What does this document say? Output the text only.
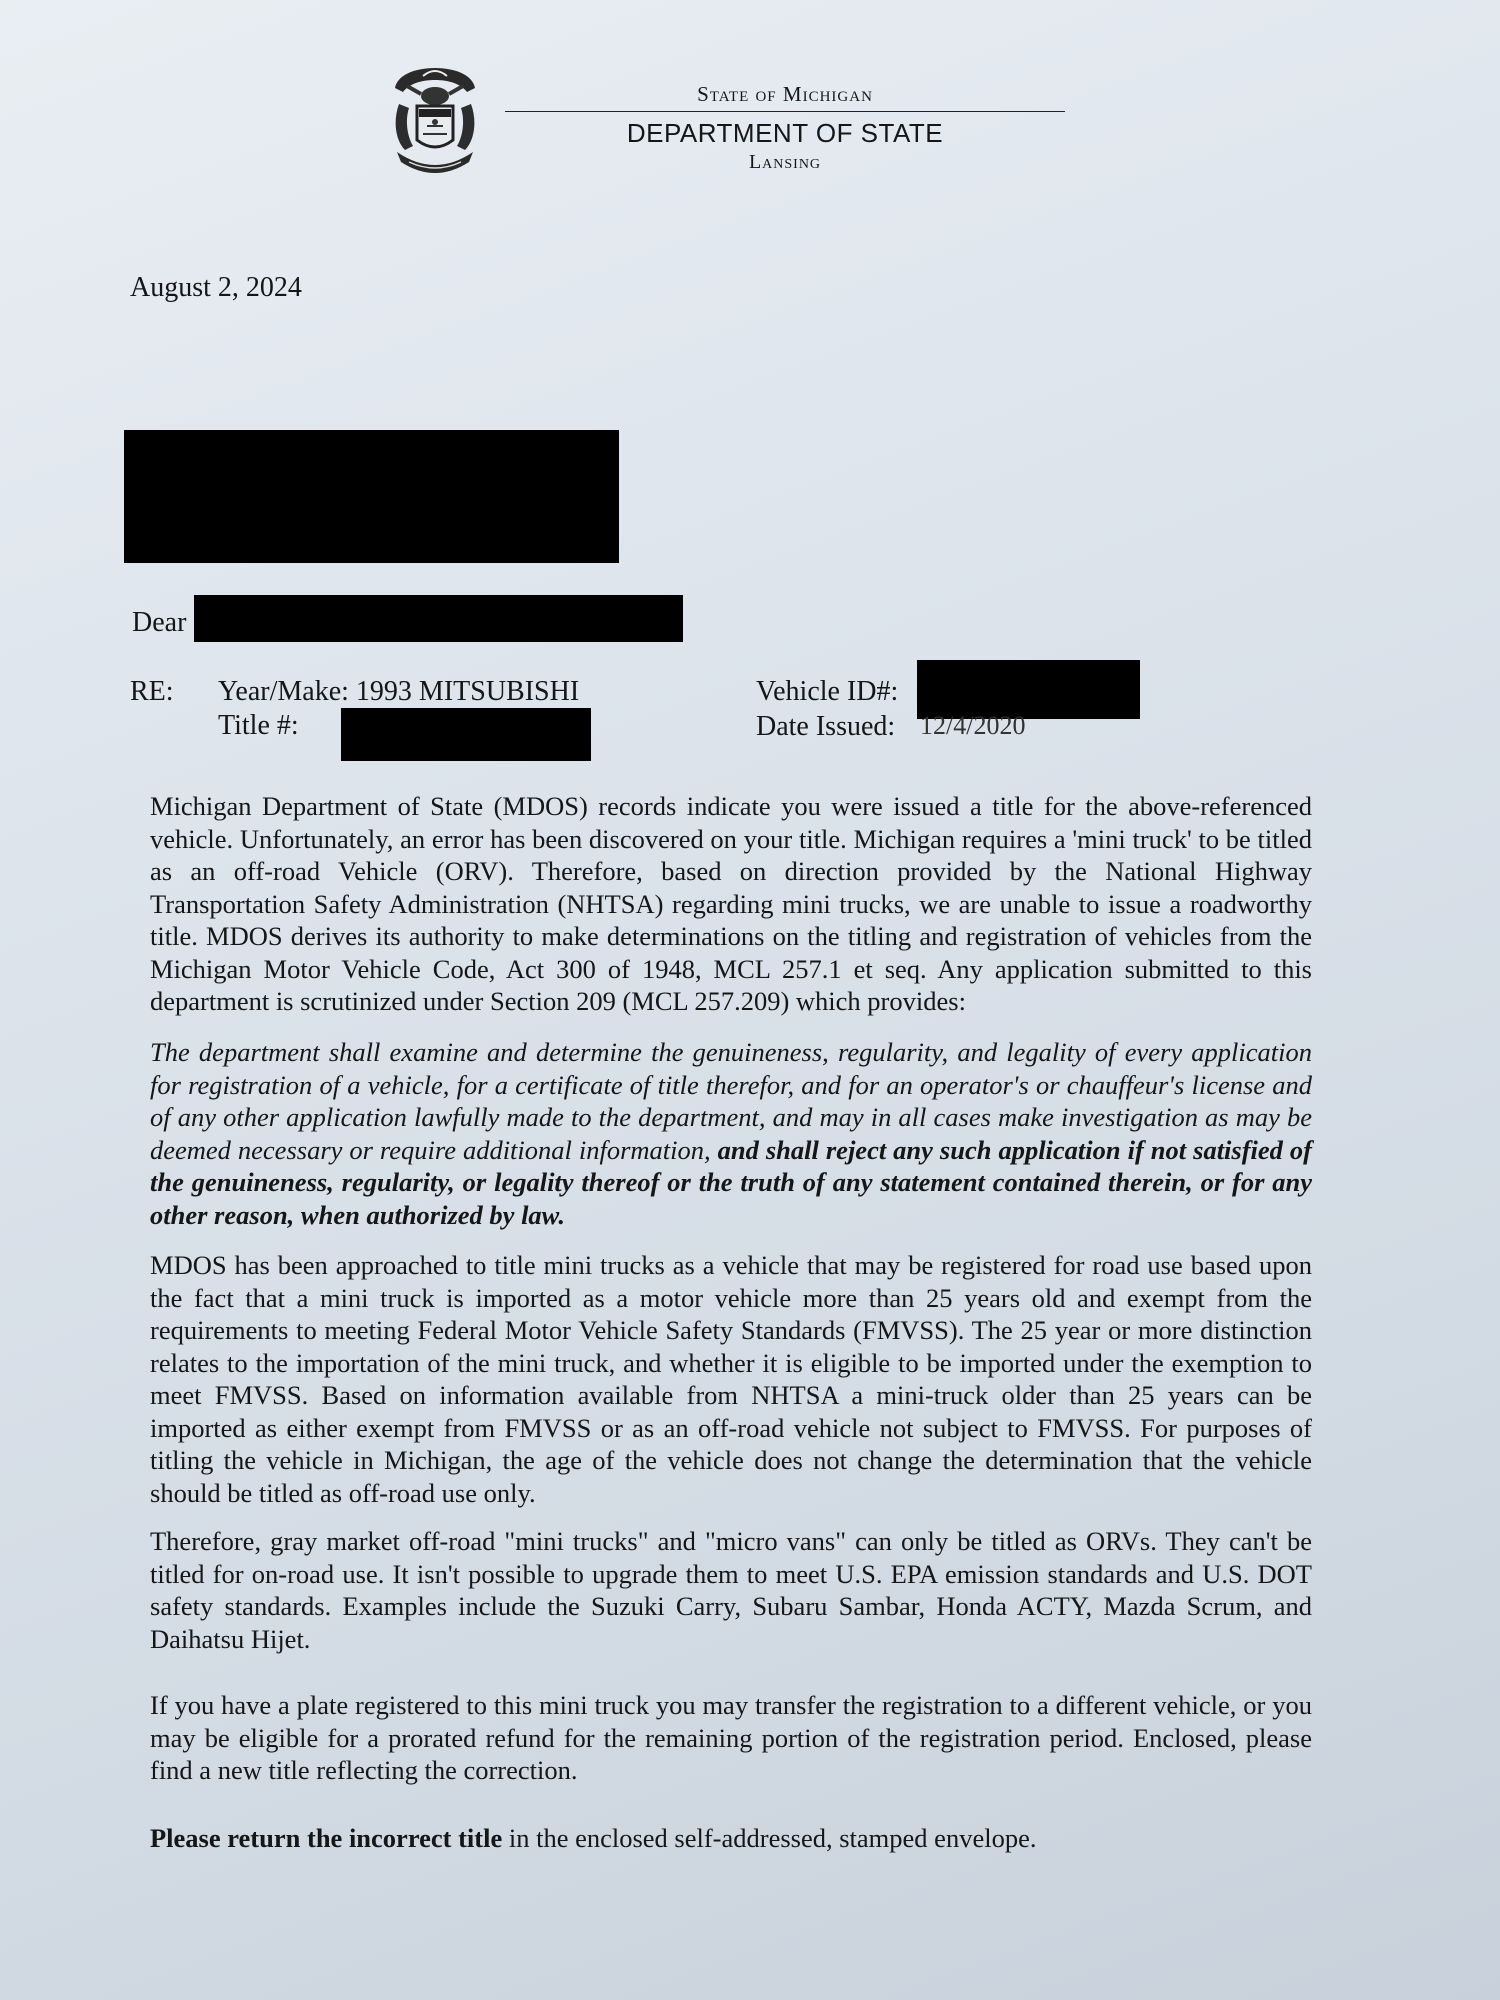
State of Michigan
DEPARTMENT OF STATE
Lansing
August 2, 2024
Dear
RE: Year/Make: 1993 MITSUBISHI
Title #:
Vehicle ID#:
Date Issued: 12/4/2020

Michigan Department of State (MDOS) records indicate you were issued a title for the above-referenced vehicle. Unfortunately, an error has been discovered on your title. Michigan requires a 'mini truck' to be titled as an off-road Vehicle (ORV). Therefore, based on direction provided by the National Highway Transportation Safety Administration (NHTSA) regarding mini trucks, we are unable to issue a roadworthy title. MDOS derives its authority to make determinations on the titling and registration of vehicles from the Michigan Motor Vehicle Code, Act 300 of 1948, MCL 257.1 et seq. Any application submitted to this department is scrutinized under Section 209 (MCL 257.209) which provides:

The department shall examine and determine the genuineness, regularity, and legality of every application for registration of a vehicle, for a certificate of title therefor, and for an operator's or chauffeur's license and of any other application lawfully made to the department, and may in all cases make investigation as may be deemed necessary or require additional information, and shall reject any such application if not satisfied of the genuineness, regularity, or legality thereof or the truth of any statement contained therein, or for any other reason, when authorized by law.

MDOS has been approached to title mini trucks as a vehicle that may be registered for road use based upon the fact that a mini truck is imported as a motor vehicle more than 25 years old and exempt from the requirements to meeting Federal Motor Vehicle Safety Standards (FMVSS). The 25 year or more distinction relates to the importation of the mini truck, and whether it is eligible to be imported under the exemption to meet FMVSS. Based on information available from NHTSA a mini-truck older than 25 years can be imported as either exempt from FMVSS or as an off-road vehicle not subject to FMVSS. For purposes of titling the vehicle in Michigan, the age of the vehicle does not change the determination that the vehicle should be titled as off-road use only.

Therefore, gray market off-road "mini trucks" and "micro vans" can only be titled as ORVs. They can't be titled for on-road use. It isn't possible to upgrade them to meet U.S. EPA emission standards and U.S. DOT safety standards. Examples include the Suzuki Carry, Subaru Sambar, Honda ACTY, Mazda Scrum, and Daihatsu Hijet.

If you have a plate registered to this mini truck you may transfer the registration to a different vehicle, or you may be eligible for a prorated refund for the remaining portion of the registration period. Enclosed, please find a new title reflecting the correction.

Please return the incorrect title in the enclosed self-addressed, stamped envelope.
